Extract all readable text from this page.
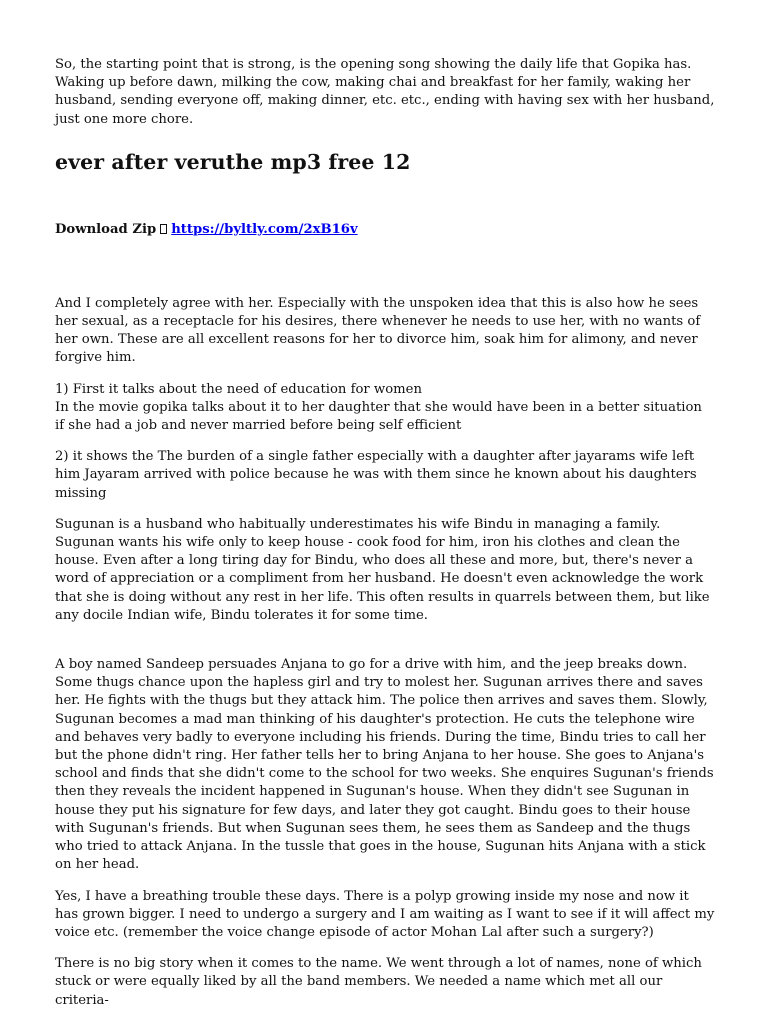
So, the starting point that is strong, is the opening song showing the daily life that Gopika has. Waking up before dawn, milking the cow, making chai and breakfast for her family, waking her husband, sending everyone off, making dinner, etc. etc., ending with having sex with her husband, just one more chore.

ever after veruthe mp3 free 12
Download Zip https://byltly.com/2xB16v

And I completely agree with her. Especially with the unspoken idea that this is also how he sees her sexual, as a receptacle for his desires, there whenever he needs to use her, with no wants of her own. These are all excellent reasons for her to divorce him, soak him for alimony, and never forgive him.

1) First it talks about the need of education for women

In the movie gopika talks about it to her daughter that she would have been in a better situation if she had a job and never married before being self efficient

2) it shows the The burden of a single father especially with a daughter after jayarams wife left him Jayaram arrived with police because he was with them since he known about his daughters missing

Sugunan is a husband who habitually underestimates his wife Bindu in managing a family. Sugunan wants his wife only to keep house - cook food for him, iron his clothes and clean the house. Even after a long tiring day for Bindu, who does all these and more, but, there's never a word of appreciation or a compliment from her husband. He doesn't even acknowledge the work that she is doing without any rest in her life. This often results in quarrels between them, but like any docile Indian wife, Bindu tolerates it for some time.

A boy named Sandeep persuades Anjana to go for a drive with him, and the jeep breaks down. Some thugs chance upon the hapless girl and try to molest her. Sugunan arrives there and saves her. He fights with the thugs but they attack him. The police then arrives and saves them. Slowly, Sugunan becomes a mad man thinking of his daughter's protection. He cuts the telephone wire and behaves very badly to everyone including his friends. During the time, Bindu tries to call her but the phone didn't ring. Her father tells her to bring Anjana to her house. She goes to Anjana's school and finds that she didn't come to the school for two weeks. She enquires Sugunan's friends then they reveals the incident happened in Sugunan's house. When they didn't see Sugunan in house they put his signature for few days, and later they got caught. Bindu goes to their house with Sugunan's friends. But when Sugunan sees them, he sees them as Sandeep and the thugs who tried to attack Anjana. In the tussle that goes in the house, Sugunan hits Anjana with a stick on her head.

Yes, I have a breathing trouble these days. There is a polyp growing inside my nose and now it has grown bigger. I need to undergo a surgery and I am waiting as I want to see if it will affect my voice etc. (remember the voice change episode of actor Mohan Lal after such a surgery?)

There is no big story when it comes to the name. We went through a lot of names, none of which stuck or were equally liked by all the band members. We needed a name which met all our criteria-
